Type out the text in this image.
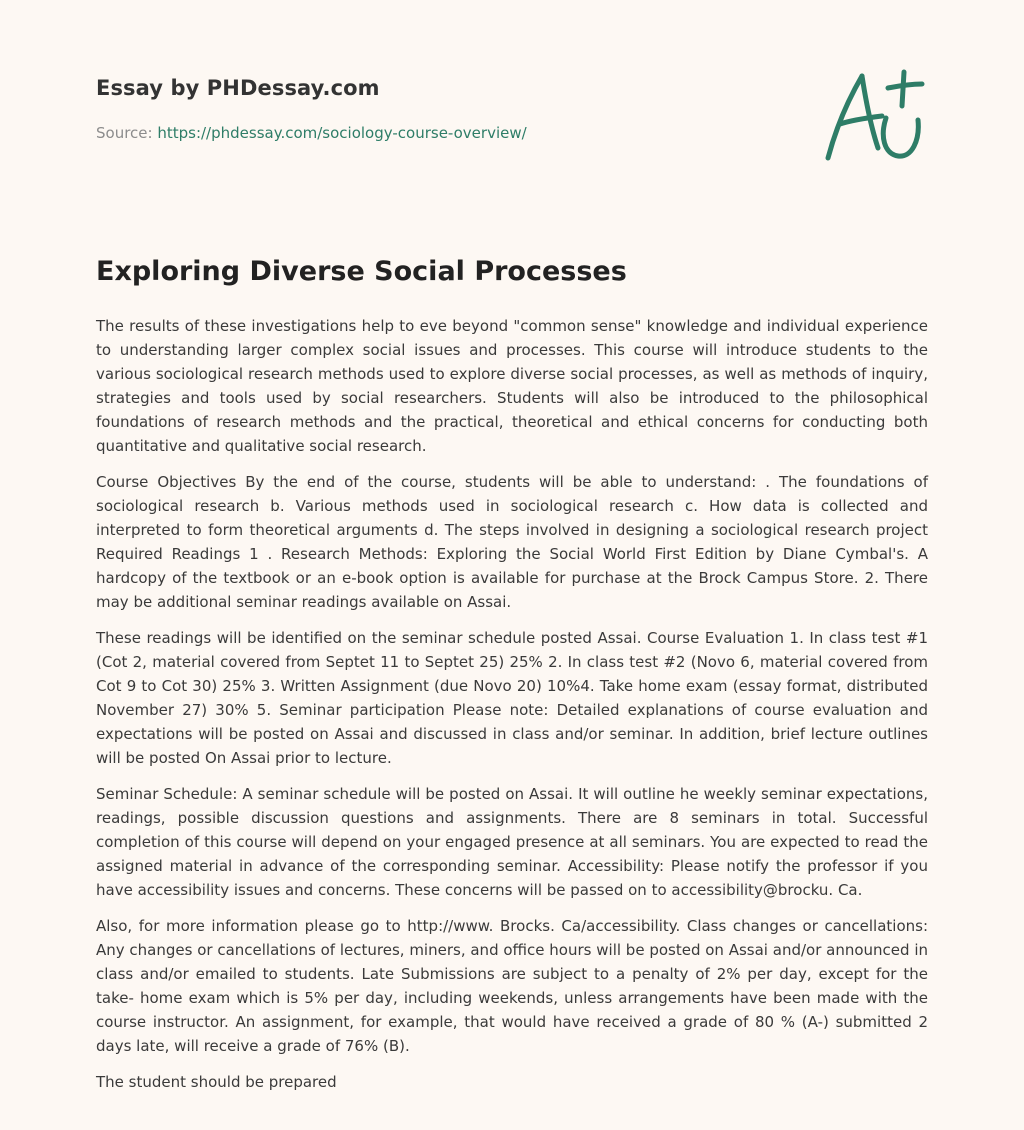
Essay by PHDessay.com
Source: https://phdessay.com/sociology-course-overview/
Exploring Diverse Social Processes

The results of these investigations help to eve beyond "common sense" knowledge and individual experience to understanding larger complex social issues and processes. This course will introduce students to the various sociological research methods used to explore diverse social processes, as well as methods of inquiry, strategies and tools used by social researchers. Students will also be introduced to the philosophical foundations of research methods and the practical, theoretical and ethical concerns for conducting both quantitative and qualitative social research.

Course Objectives By the end of the course, students will be able to understand: . The foundations of sociological research b. Various methods used in sociological research c. How data is collected and interpreted to form theoretical arguments d. The steps involved in designing a sociological research project Required Readings 1 . Research Methods: Exploring the Social World First Edition by Diane Cymbal's. A hardcopy of the textbook or an e-book option is available for purchase at the Brock Campus Store. 2. There may be additional seminar readings available on Assai.

These readings will be identified on the seminar schedule posted Assai. Course Evaluation 1. In class test #1 (Cot 2, material covered from Septet 11 to Septet 25) 25% 2. In class test #2 (Novo 6, material covered from Cot 9 to Cot 30) 25% 3. Written Assignment (due Novo 20) 10%4. Take home exam (essay format, distributed November 27) 30% 5. Seminar participation Please note: Detailed explanations of course evaluation and expectations will be posted on Assai and discussed in class and/or seminar. In addition, brief lecture outlines will be posted On Assai prior to lecture.

Seminar Schedule: A seminar schedule will be posted on Assai. It will outline he weekly seminar expectations, readings, possible discussion questions and assignments. There are 8 seminars in total. Successful completion of this course will depend on your engaged presence at all seminars. You are expected to read the assigned material in advance of the corresponding seminar. Accessibility: Please notify the professor if you have accessibility issues and concerns. These concerns will be passed on to accessibility@brocku. Ca.

Also, for more information please go to http://www. Brocks. Ca/accessibility. Class changes or cancellations: Any changes or cancellations of lectures, miners, and office hours will be posted on Assai and/or announced in class and/or emailed to students. Late Submissions are subject to a penalty of 2% per day, except for the take- home exam which is 5% per day, including weekends, unless arrangements have been made with the course instructor. An assignment, for example, that would have received a grade of 80 % (A-) submitted 2 days late, will receive a grade of 76% (B).

The student should be prepared
